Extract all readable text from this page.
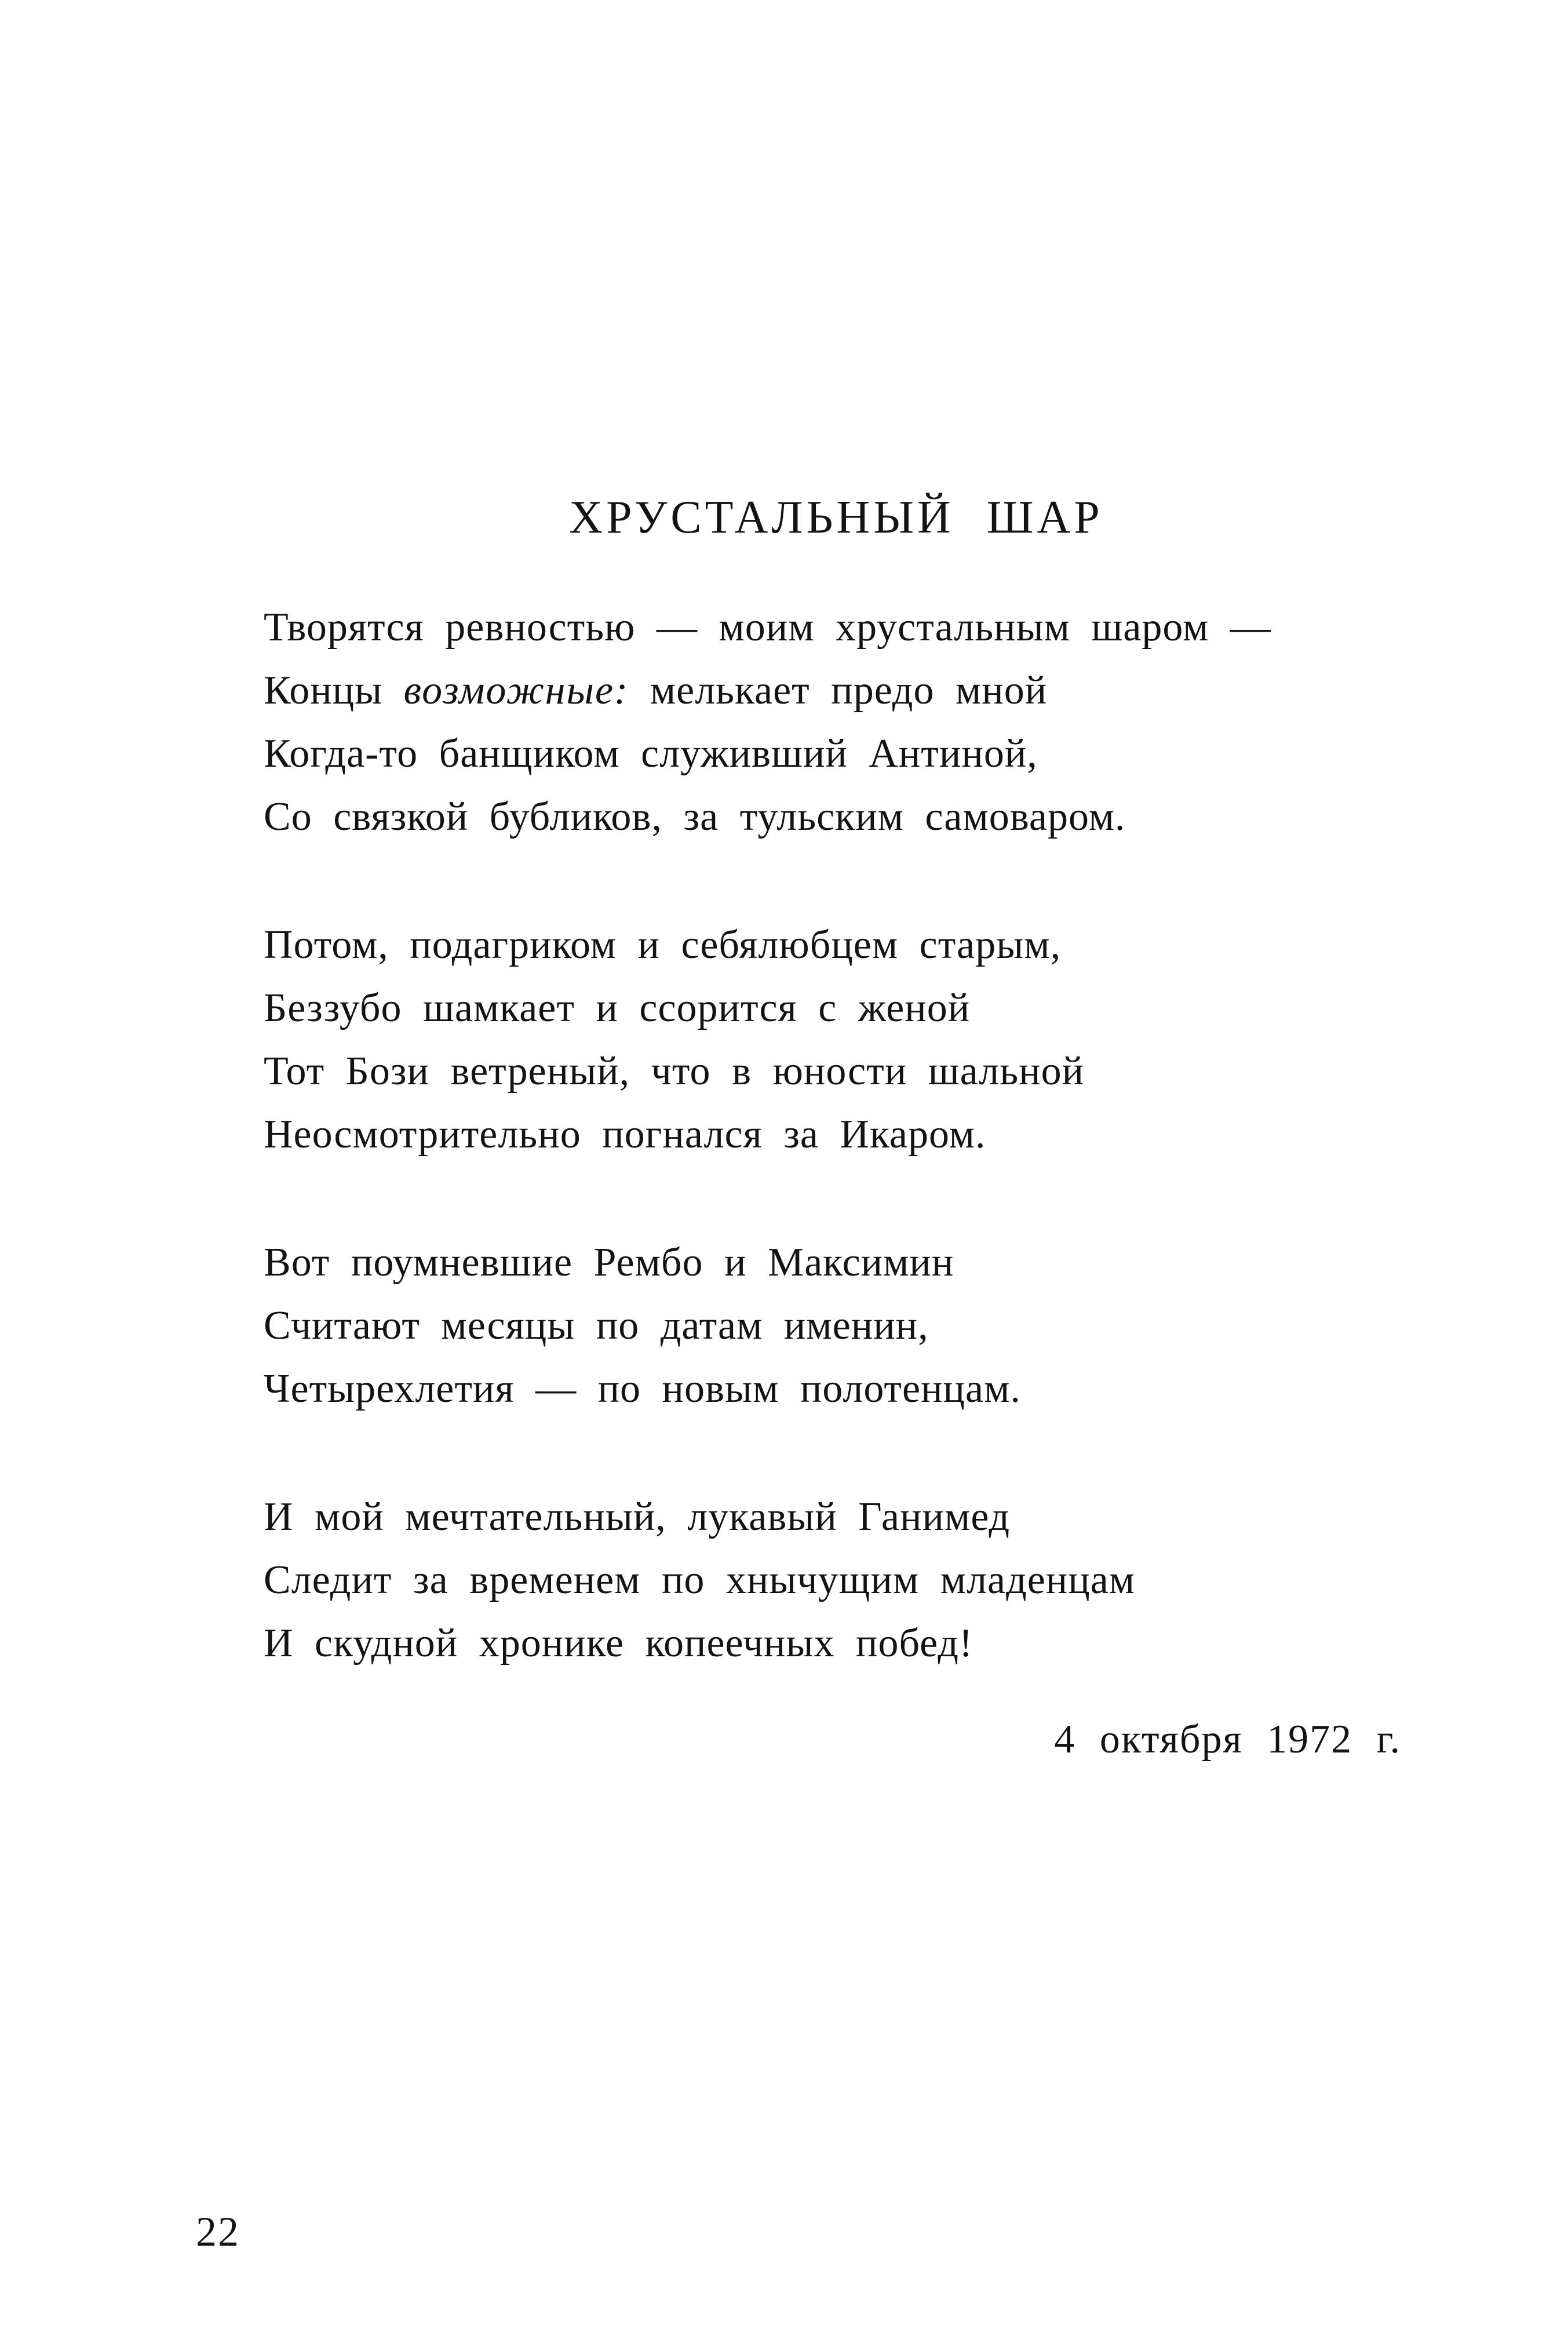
ХРУСТАЛЬНЫЙ ШАР
Творятся ревностью — моим хрустальным шаром —
Концы возможные: мелькает предо мной
Когда-то банщиком служивший Антиной,
Со связкой бубликов, за тульским самоваром.
Потом, подагриком и себялюбцем старым,
Беззубо шамкает и ссорится с женой
Тот Бози ветреный, что в юности шальной
Неосмотрительно погнался за Икаром.
Вот поумневшие Рембо и Максимин
Считают месяцы по датам именин,
Четырехлетия — по новым полотенцам.
И мой мечтательный, лукавый Ганимед
Следит за временем по хнычущим младенцам
И скудной хронике копеечных побед!
4 октября 1972 г.
22
